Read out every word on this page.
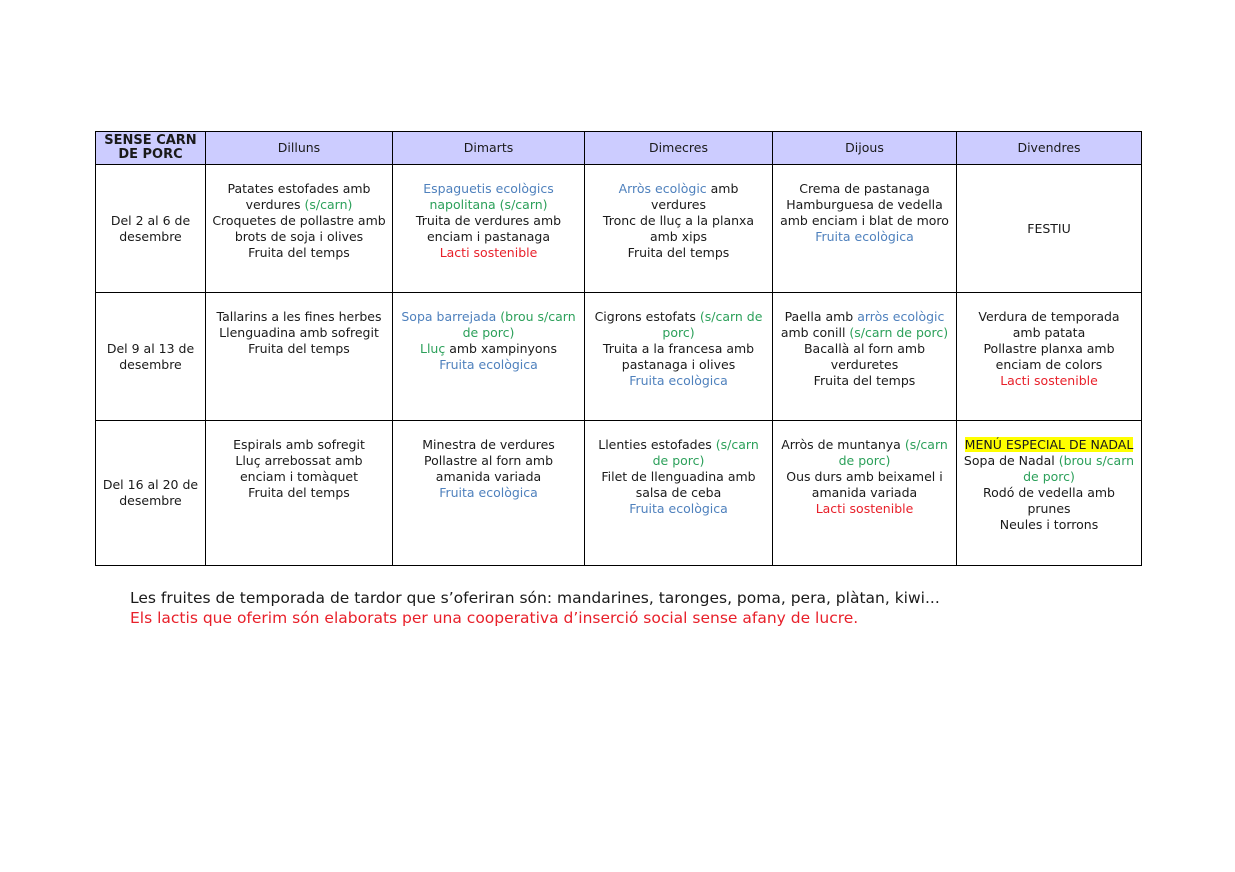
SENSE CARN DE PORC	Dilluns	Dimarts	Dimecres	Dijous	Divendres
Del 2 al 6 de desembre	Patates estofades amb verdures (s/carn)
Croquetes de pollastre amb brots de soja i olives
Fruita del temps	Espaguetis ecològics napolitana (s/carn)
Truita de verdures amb enciam i pastanaga
Lacti sostenible	Arròs ecològic amb verdures
Tronc de lluç a la planxa amb xips
Fruita del temps	Crema de pastanaga
Hamburguesa de vedella amb enciam i blat de moro
Fruita ecològica	FESTIU

Del 9 al 13 de desembre	Tallarins a les fines herbes
Llenguadina amb sofregit
Fruita del temps	Sopa barrejada (brou s/carn de porc)
Lluç amb xampinyons
Fruita ecològica	Cigrons estofats (s/carn de porc)
Truita a la francesa amb pastanaga i olives
Fruita ecològica	Paella amb arròs ecològic amb conill (s/carn de porc)
Bacallà al forn amb verduretes
Fruita del temps	Verdura de temporada amb patata
Pollastre planxa amb enciam de colors
Lacti sostenible

Del 16 al 20 de desembre	Espirals amb sofregit
Lluç arrebossat amb enciam i tomàquet
Fruita del temps	Minestra de verdures
Pollastre al forn amb amanida variada
Fruita ecològica	Llenties estofades (s/carn de porc)
Filet de llenguadina amb salsa de ceba
Fruita ecològica	Arròs de muntanya (s/carn de porc)
Ous durs amb beixamel i amanida variada
Lacti sostenible	MENÚ ESPECIAL DE NADAL
Sopa de Nadal (brou s/carn de porc)
Rodó de vedella amb prunes
Neules i torrons

Les fruites de temporada de tardor que s’oferiran són: mandarines, taronges, poma, pera, plàtan, kiwi...

Els lactis que oferim són elaborats per una cooperativa d’inserció social sense afany de lucre.
